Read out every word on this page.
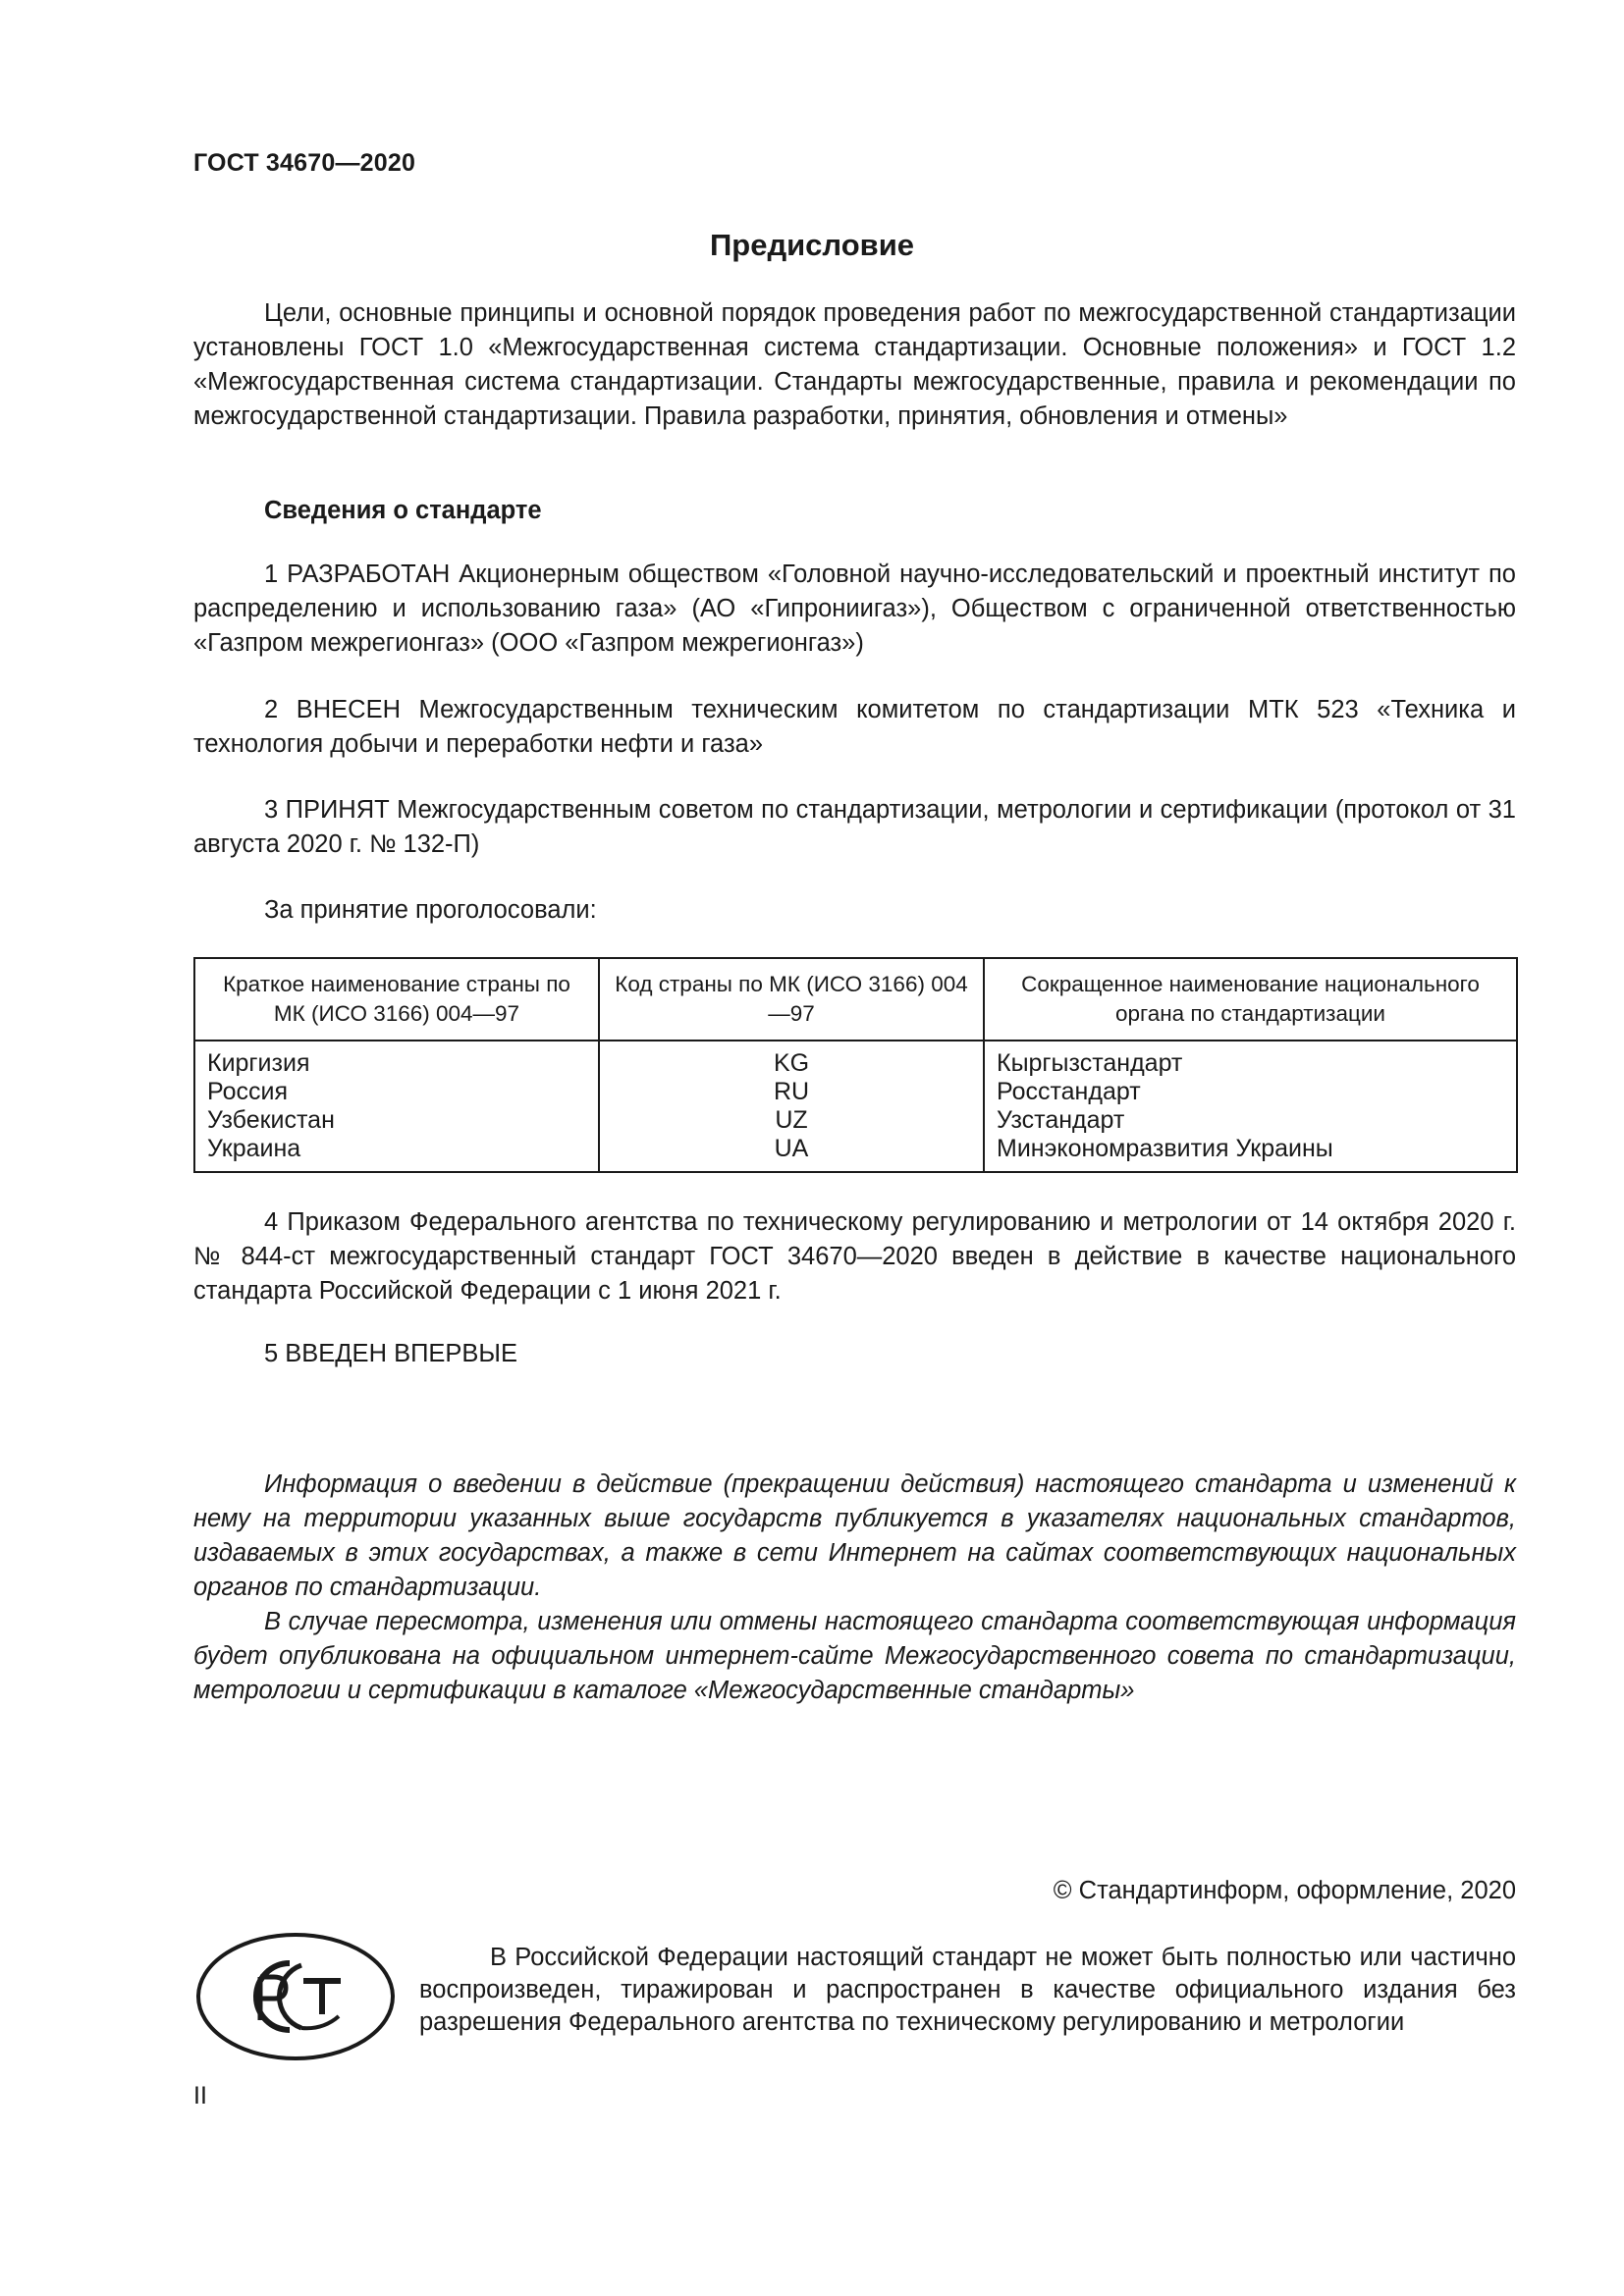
ГОСТ 34670—2020
Предисловие

Цели, основные принципы и основной порядок проведения работ по межгосударственной стандартизации установлены ГОСТ 1.0 «Межгосударственная система стандартизации. Основные положения» и ГОСТ 1.2 «Межгосударственная система стандартизации. Стандарты межгосударственные, правила и рекомендации по межгосударственной стандартизации. Правила разработки, принятия, обновления и отмены»

Сведения о стандарте

1 РАЗРАБОТАН Акционерным обществом «Головной научно-исследовательский и проектный институт по распределению и использованию газа» (АО «Гипрониигаз»), Обществом с ограниченной ответственностью «Газпром межрегионгаз» (ООО «Газпром межрегионгаз»)

2 ВНЕСЕН Межгосударственным техническим комитетом по стандартизации МТК 523 «Техника и технология добычи и переработки нефти и газа»

3 ПРИНЯТ Межгосударственным советом по стандартизации, метрологии и сертификации (протокол от 31 августа 2020 г. № 132-П)

За принятие проголосовали:

Краткое наименование страны по МК (ИСО 3166) 004—97	Код страны по МК (ИСО 3166) 004—97	Сокращенное наименование национального органа по стандартизации

Киргизия	KG	Кыргызстандарт
Россия	RU	Росстандарт
Узбекистан	UZ	Узстандарт
Украина	UA	Минэкономразвития Украины

4 Приказом Федерального агентства по техническому регулированию и метрологии от 14 октября 2020 г. № 844-ст межгосударственный стандарт ГОСТ 34670—2020 введен в действие в качестве национального стандарта Российской Федерации с 1 июня 2021 г.

5 ВВЕДЕН ВПЕРВЫЕ

Информация о введении в действие (прекращении действия) настоящего стандарта и изменений к нему на территории указанных выше государств публикуется в указателях национальных стандартов, издаваемых в этих государствах, а также в сети Интернет на сайтах соответствующих национальных органов по стандартизации.

В случае пересмотра, изменения или отмены настоящего стандарта соответствующая информация будет опубликована на официальном интернет-сайте Межгосударственного совета по стандартизации, метрологии и сертификации в каталоге «Межгосударственные стандарты»

© Стандартинформ, оформление, 2020

В Российской Федерации настоящий стандарт не может быть полностью или частично воспроизведен, тиражирован и распространен в качестве официального издания без разрешения Федерального агентства по техническому регулированию и метрологии

II
